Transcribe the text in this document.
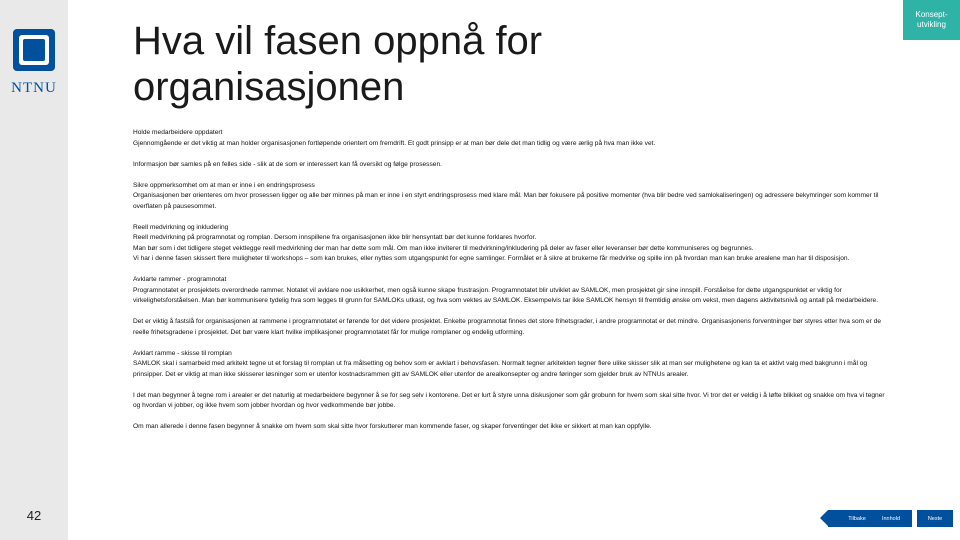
NTNU
42
Hva vil fasen oppnå for organisasjonen
Konsept-
utvikling

Holde medarbeidere oppdatert

Gjennomgående er det viktig at man holder organisasjonen fortløpende orientert om fremdrift. Et godt prinsipp er at man bør dele det man tidlig og være ærlig på hva man ikke vet.

Informasjon bør samles på en felles side - slik at de som er interessert kan få oversikt og følge prosessen.

Sikre oppmerksomhet om at man er inne i en endringsprosess

Organisasjonen bør orienteres om hvor prosessen ligger og alle bør minnes på man er inne i en styrt endringsprosess med klare mål. Man bør fokusere på positive momenter (hva blir bedre ved samlokaliseringen) og adressere bekymringer som kommer til overflaten på pausesommet.

Reell medvirkning og inkludering

Reell medvirkning på programnotat og romplan. Dersom innspillene fra organisasjonen ikke blir hensyntatt bør det kunne forklares hvorfor.

Man bør som i det tidligere steget vektlegge reell medvirkning der man har dette som mål. Om man ikke inviterer til medvirkning/inkludering på deler av faser eller leveranser bør dette kommuniseres og begrunnes.

Vi har i denne fasen skissert flere muligheter til workshops – som kan brukes, eller nyttes som utgangspunkt for egne samlinger. Formålet er å sikre at brukerne får medvirke og spille inn på hvordan man kan bruke arealene man har til disposisjon.

Avklarte rammer - programnotat

Programnotatet er prosjektets overordnede rammer. Notatet vil avklare noe usikkerhet, men også kunne skape frustrasjon. Programnotatet blir utviklet av SAMLOK, men prosjektet gir sine innspill. Forståelse for dette utgangspunktet er viktig for virkelighetsforståelsen. Man bør kommunisere tydelig hva som legges til grunn for SAMLOKs utkast, og hva som vektes av SAMLOK. Eksempelvis tar ikke SAMLOK hensyn til fremtidig ønske om vekst, men dagens aktivitetsnivå og antall på medarbeidere.

Det er viktig å fastslå for organisasjonen at rammene i programnotatet er førende for det videre prosjektet. Enkelte programnotat finnes det store frihetsgrader, i andre programnotat er det mindre. Organisasjonens forventninger bør styres etter hva som er de reelle frihetsgradene i prosjektet. Det bør være klart hvilke implikasjoner programnotatet får for mulige romplaner og endelig utforming.

Avklart ramme - skisse til romplan

SAMLOK skal i samarbeid med arkitekt tegne ut et forslag til romplan ut fra målsetting og behov som er avklart i behovsfasen. Normalt tegner arkitekten tegner flere ulike skisser slik at man ser mulighetene og kan ta et aktivt valg med bakgrunn i mål og prinsipper. Det er viktig at man ikke skisserer løsninger som er utenfor kostnadsrammen gitt av SAMLOK eller utenfor de arealkonsepter og andre føringer som gjelder bruk av NTNUs arealer.

I det man begynner å tegne rom i arealer er det naturlig at medarbeidere begynner å se for seg selv i kontorene. Det er lurt å styre unna diskusjoner som går grobunn for hvem som skal sitte hvor. Vi tror det er veldig i å løfte blikket og snakke om hva vi tegner og hvordan vi jobber, og ikke hvem som jobber hvordan og hvor vedkommende bør jobbe.

Om man allerede i denne fasen begynner å snakke om hvem som skal sitte hvor forskutterer man kommende faser, og skaper forventinger det ikke er sikkert at man kan oppfylle.

Tilbake	Innhold	Neste
